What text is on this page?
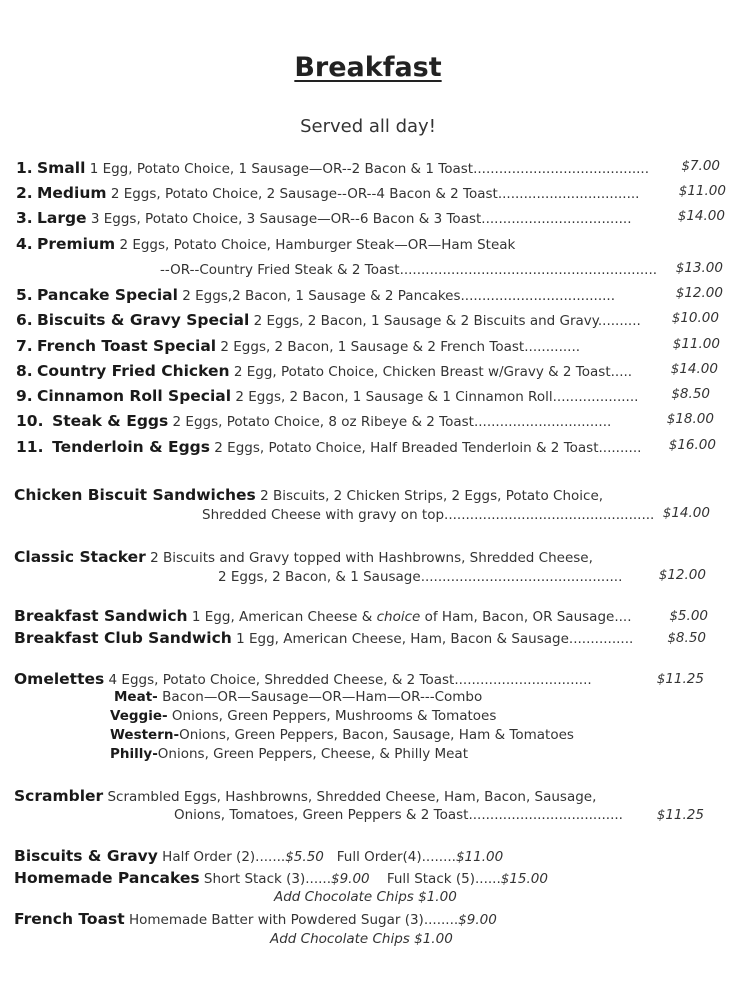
Breakfast
Served all day!
1. Small 1 Egg, Potato Choice, 1 Sausage—OR--2 Bacon & 1 Toast......................................... $7.00
2. Medium 2 Eggs, Potato Choice, 2 Sausage--OR--4 Bacon & 2 Toast.................................	$11.00
3. Large 3 Eggs, Potato Choice, 3 Sausage—OR--6 Bacon & 3 Toast...................................	$14.00
4. Premium 2 Eggs, Potato Choice, Hamburger Steak—OR—Ham Steak
--OR--Country Fried Steak & 2 Toast............................................................ $13.00
5. Pancake Special 2 Eggs,2 Bacon, 1 Sausage & 2 Pancakes....................................	$12.00
6. Biscuits & Gravy Special 2 Eggs, 2 Bacon, 1 Sausage & 2 Biscuits and Gravy.......... $10.00
7. French Toast Special 2 Eggs, 2 Bacon, 1 Sausage & 2 French Toast.............	$11.00
8. Country Fried Chicken 2 Egg, Potato Choice, Chicken Breast w/Gravy & 2 Toast.....	$14.00
9. Cinnamon Roll Special 2 Eggs, 2 Bacon, 1 Sausage & 1 Cinnamon Roll.................... $8.50
10. Steak & Eggs 2 Eggs, Potato Choice, 8 oz Ribeye & 2 Toast................................	$18.00
11. Tenderloin & Eggs 2 Eggs, Potato Choice, Half Breaded Tenderloin & 2 Toast.......... $16.00
Chicken Biscuit Sandwiches 2 Biscuits, 2 Chicken Strips, 2 Eggs, Potato Choice,
Shredded Cheese with gravy on top................................................. $14.00
Classic Stacker 2 Biscuits and Gravy topped with Hashbrowns, Shredded Cheese,
2 Eggs, 2 Bacon, & 1 Sausage...............................................	$12.00
Breakfast Sandwich 1 Egg, American Cheese & choice of Ham, Bacon, OR Sausage....	$5.00
Breakfast Club Sandwich 1 Egg, American Cheese, Ham, Bacon & Sausage...............	$8.50
Omelettes 4 Eggs, Potato Choice, Shredded Cheese, & 2 Toast................................	$11.25
Meat- Bacon—OR—Sausage—OR—Ham—OR---Combo
Veggie- Onions, Green Peppers, Mushrooms & Tomatoes
Western-Onions, Green Peppers, Bacon, Sausage, Ham & Tomatoes
Philly-Onions, Green Peppers, Cheese, & Philly Meat
Scrambler Scrambled Eggs, Hashbrowns, Shredded Cheese, Ham, Bacon, Sausage,
Onions, Tomatoes, Green Peppers & 2 Toast....................................	$11.25
Biscuits & Gravy Half Order (2).......$5.50 Full Order(4)........$11.00
Homemade Pancakes Short Stack (3)......$9.00 Full Stack (5)......$15.00
Add Chocolate Chips $1.00
French Toast Homemade Batter with Powdered Sugar (3)........$9.00
Add Chocolate Chips $1.00
